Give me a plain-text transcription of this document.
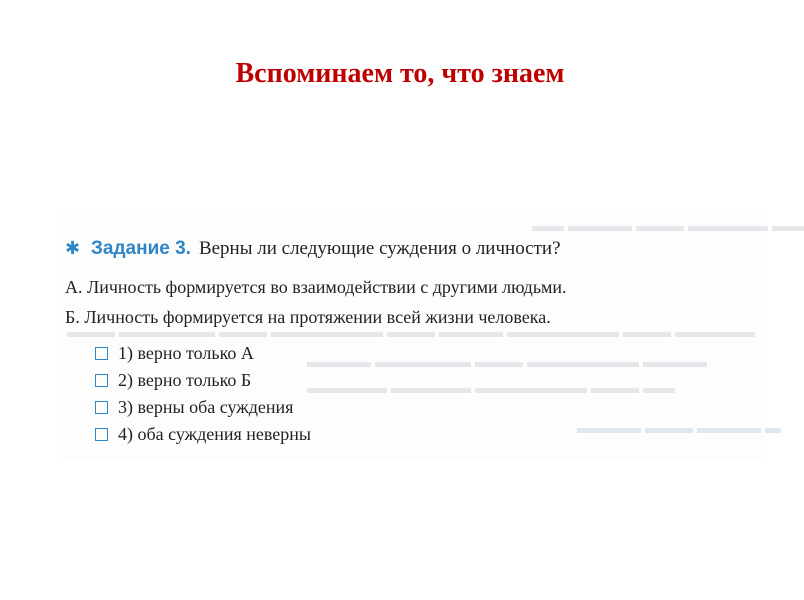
Вспоминаем то, что знаем
▬▬ ▬▬▬▬ ▬▬▬ ▬▬▬▬▬ ▬▬
▬▬▬ ▬▬▬▬▬▬ ▬▬▬ ▬▬▬▬▬▬▬ ▬▬▬ ▬▬▬▬ ▬▬▬▬▬▬▬ ▬▬▬ ▬▬▬▬▬
▬▬▬▬ ▬▬▬▬▬▬ ▬▬▬ ▬▬▬▬▬▬▬ ▬▬▬▬
▬▬▬▬▬ ▬▬▬▬▬ ▬▬▬▬▬▬▬ ▬▬▬ ▬▬
▬▬▬▬ ▬▬▬ ▬▬▬▬ ▬
✱ Задание 3. Верны ли следующие суждения о личности?
А. Личность формируется во взаимодействии с другими людьми.
Б. Личность формируется на протяжении всей жизни человека.
1) верно только А
2) верно только Б
3) верны оба суждения
4) оба суждения неверны
